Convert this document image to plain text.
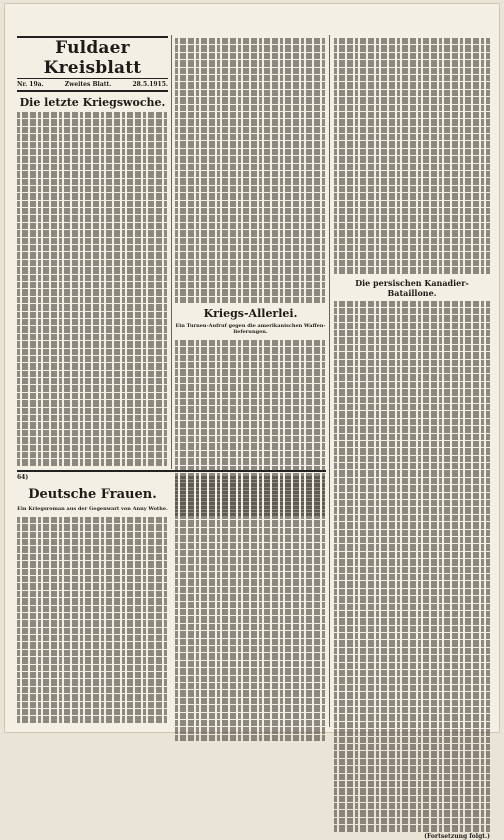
Fuldaer Kreisblatt
Nr. 19a.	Zweites Blatt.	28.5.1915.
Die letzte Kriegswoche.
Kriegs-Allerlei.
Ein Turnen-Aufruf gegen die amerikanischen Waffen-lieferungen.
Die persischen Kanadier-Bataillone.
(Fortsetzung folgt.)
64)
Deutsche Frauen.
Ein Kriegsroman aus der Gegenwart von Anny Wothe.
